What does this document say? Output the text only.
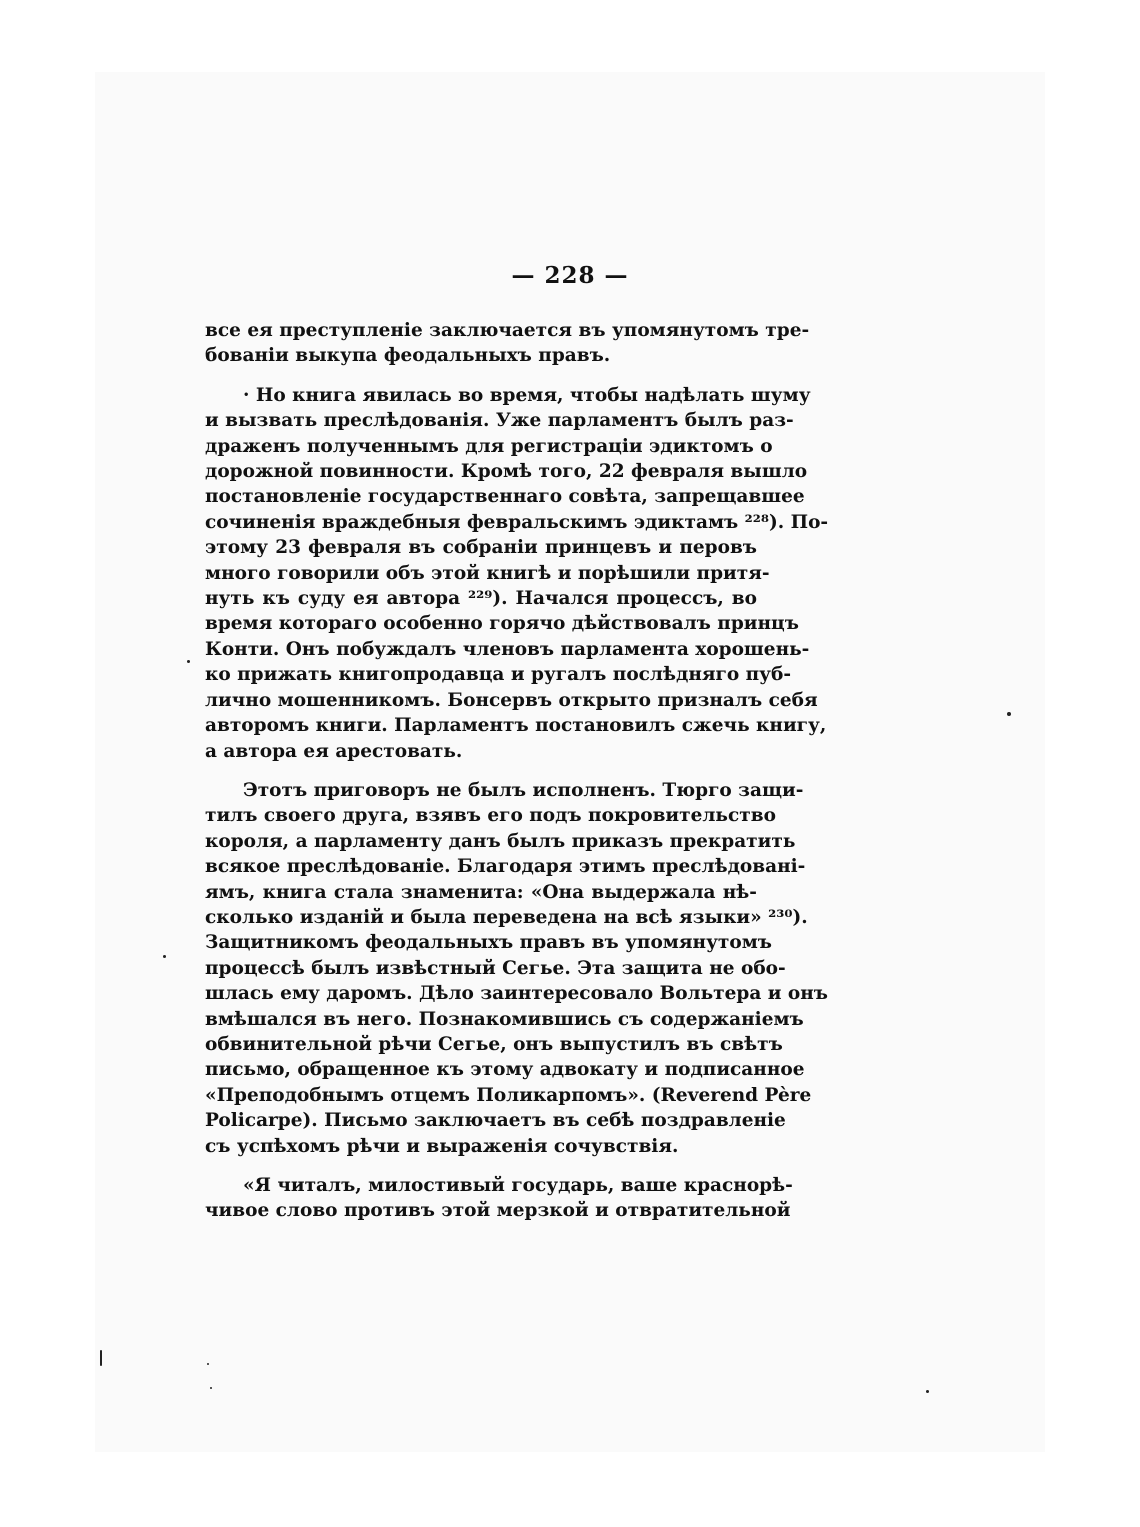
— 228 —
все ея преступленіе заключается въ упомянутомъ тре-
бованіи выкупа феодальныхъ правъ.
· Но книга явилась во время, чтобы надѣлать шуму
и вызвать преслѣдованія. Уже парламентъ былъ раз-
драженъ полученнымъ для регистраціи эдиктомъ о
дорожной повинности. Кромѣ того, 22 февраля вышло
постановленіе государственнаго совѣта, запрещавшее
сочиненія враждебныя февральскимъ эдиктамъ ²²⁸). По-
этому 23 февраля въ собраніи принцевъ и перовъ
много говорили объ этой книгѣ и порѣшили притя-
нуть къ суду ея автора ²²⁹). Начался процессъ, во
время котораго особенно горячо дѣйствовалъ принцъ
Конти. Онъ побуждалъ членовъ парламента хорошень-
ко прижать книгопродавца и ругалъ послѣдняго пуб-
лично мошенникомъ. Бонсервъ открыто призналъ себя
авторомъ книги. Парламентъ постановилъ сжечь книгу,
а автора ея арестовать.
Этотъ приговоръ не былъ исполненъ. Тюрго защи-
тилъ своего друга, взявъ его подъ покровительство
короля, а парламенту данъ былъ приказъ прекратить
всякое преслѣдованіе. Благодаря этимъ преслѣдовані-
ямъ, книга стала знаменита: «Она выдержала нѣ-
сколько изданій и была переведена на всѣ языки» ²³⁰).
Защитникомъ феодальныхъ правъ въ упомянутомъ
процессѣ былъ извѣстный Сегье. Эта защита не обо-
шлась ему даромъ. Дѣло заинтересовало Вольтера и онъ
вмѣшался въ него. Познакомившись съ содержаніемъ
обвинительной рѣчи Сегье, онъ выпустилъ въ свѣтъ
письмо, обращенное къ этому адвокату и подписанное
«Преподобнымъ отцемъ Поликарпомъ». (Reverend Père
Policarpe). Письмо заключаетъ въ себѣ поздравленіе
съ успѣхомъ рѣчи и выраженія сочувствія.
«Я читалъ, милостивый государь, ваше краснорѣ-
чивое слово противъ этой мерзкой и отвратительной
